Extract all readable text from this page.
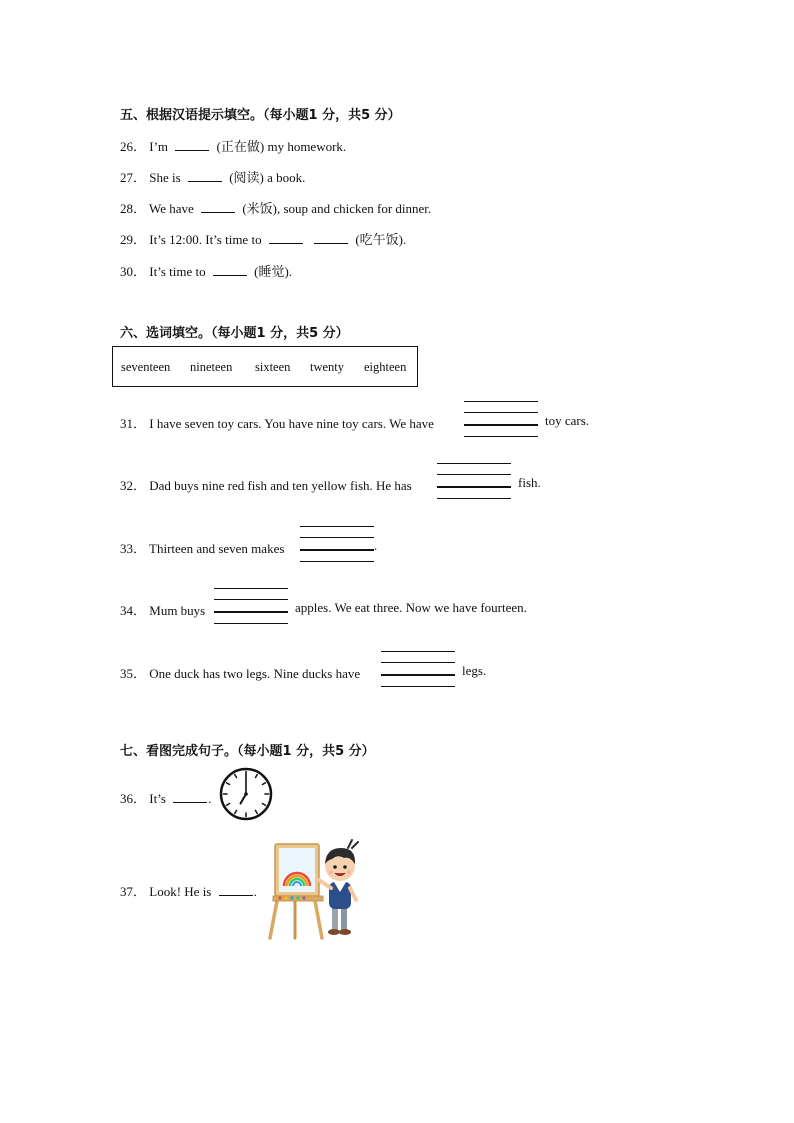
五、根据汉语提示填空。（每小题1 分，共5 分）
26． I’m	(正在做) my homework.
27． She is	(阅读) a book.
28． We have	(米饭), soup and chicken for dinner.
29． It’s 12:00. It’s time to	(吃午饭).
30． It’s time to	(睡觉).
六、选词填空。（每小题1 分，共5 分）
seventeen nineteen sixteen twenty eighteen
31． I have seven toy cars. You have nine toy cars. We have	toy cars.
32． Dad buys nine red fish and ten yellow fish. He has	fish.
33． Thirteen and seven makes	.
34． Mum buys	apples. We eat three. Now we have fourteen.
35． One duck has two legs. Nine ducks have	legs.
七、看图完成句子。（每小题1 分，共5 分）
36． It’s	.
37． Look! He is	.
